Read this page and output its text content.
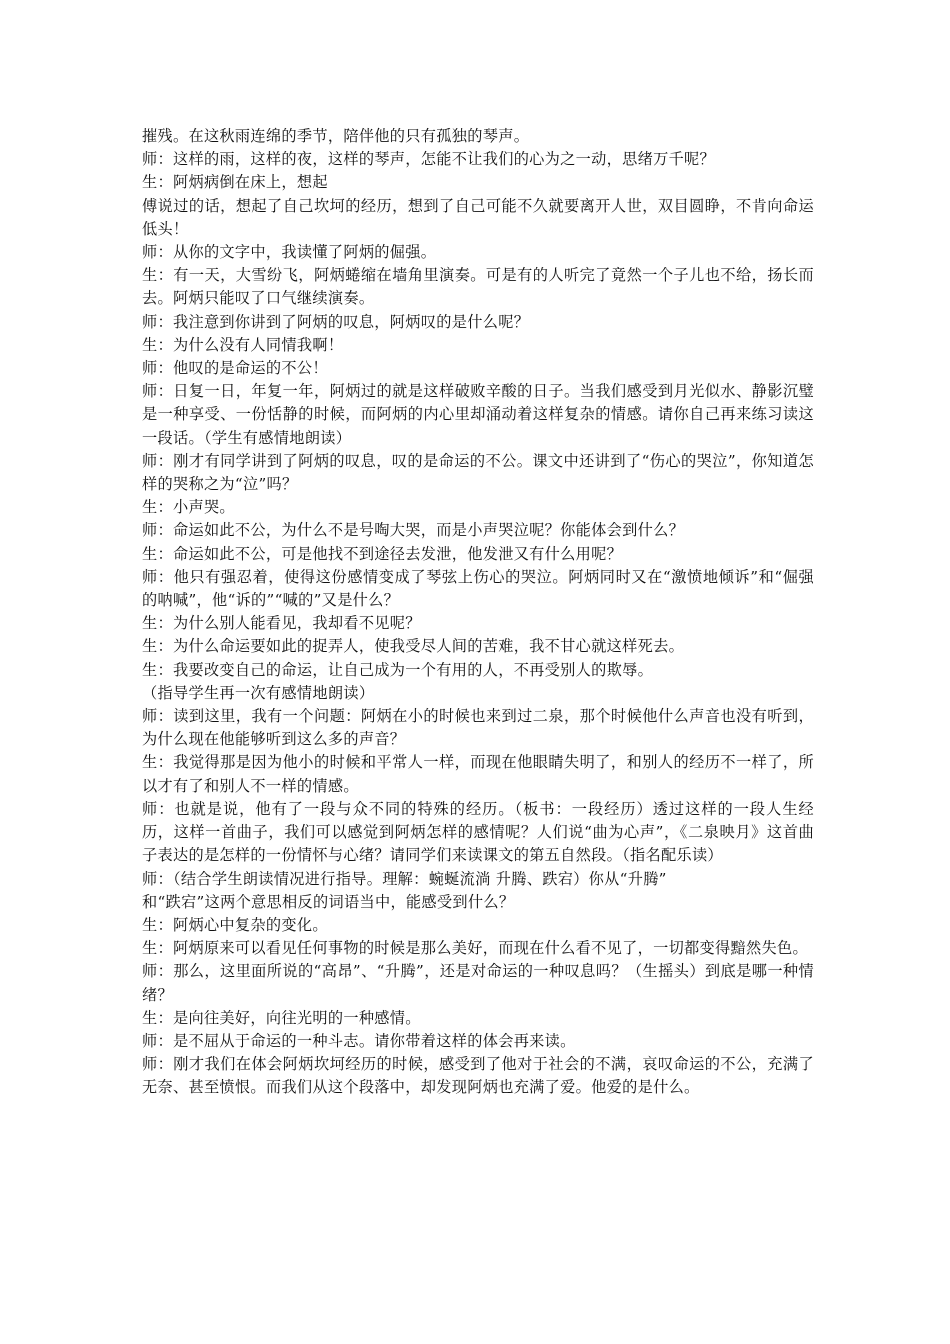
摧残。在这秋雨连绵的季节，陪伴他的只有孤独的琴声。

师：这样的雨，这样的夜，这样的琴声，怎能不让我们的心为之一动，思绪万千呢？

生：阿炳病倒在床上，想起

傅说过的话，想起了自己坎坷的经历，想到了自己可能不久就要离开人世，双目圆睁，不肯向命运低头！

师：从你的文字中，我读懂了阿炳的倔强。

生：有一天，大雪纷飞，阿炳蜷缩在墙角里演奏。可是有的人听完了竟然一个子儿也不给，扬长而去。阿炳只能叹了口气继续演奏。

师：我注意到你讲到了阿炳的叹息，阿炳叹的是什么呢？

生：为什么没有人同情我啊！

师：他叹的是命运的不公！

师：日复一日，年复一年，阿炳过的就是这样破败辛酸的日子。当我们感受到月光似水、静影沉璧是一种享受、一份恬静的时候，而阿炳的内心里却涌动着这样复杂的情感。请你自己再来练习读这一段话。（学生有感情地朗读）

师：刚才有同学讲到了阿炳的叹息，叹的是命运的不公。课文中还讲到了“伤心的哭泣”，你知道怎样的哭称之为“泣”吗？

生：小声哭。

师：命运如此不公，为什么不是号啕大哭，而是小声哭泣呢？你能体会到什么？

生：命运如此不公，可是他找不到途径去发泄，他发泄又有什么用呢？

师：他只有强忍着，使得这份感情变成了琴弦上伤心的哭泣。阿炳同时又在“激愤地倾诉”和“倔强的呐喊”，他“诉的”“喊的”又是什么？

生：为什么别人能看见，我却看不见呢？

生：为什么命运要如此的捉弄人，使我受尽人间的苦难，我不甘心就这样死去。

生：我要改变自己的命运，让自己成为一个有用的人，不再受别人的欺辱。

（指导学生再一次有感情地朗读）

师：读到这里，我有一个问题：阿炳在小的时候也来到过二泉，那个时候他什么声音也没有听到，为什么现在他能够听到这么多的声音？

生：我觉得那是因为他小的时候和平常人一样，而现在他眼睛失明了，和别人的经历不一样了，所以才有了和别人不一样的情感。

师：也就是说，他有了一段与众不同的特殊的经历。（板书：一段经历）透过这样的一段人生经历，这样一首曲子，我们可以感觉到阿炳怎样的感情呢？人们说“曲为心声”，《二泉映月》这首曲子表达的是怎样的一份情怀与心绪？请同学们来读课文的第五自然段。（指名配乐读）

师：（结合学生朗读情况进行指导。理解：蜿蜒流淌 升腾、跌宕）你从“升腾”

和“跌宕”这两个意思相反的词语当中，能感受到什么？

生：阿炳心中复杂的变化。

生：阿炳原来可以看见任何事物的时候是那么美好，而现在什么看不见了，一切都变得黯然失色。

师：那么，这里面所说的“高昂”、“升腾”，还是对命运的一种叹息吗？（生摇头）到底是哪一种情绪？

生：是向往美好，向往光明的一种感情。

师：是不屈从于命运的一种斗志。请你带着这样的体会再来读。

师：刚才我们在体会阿炳坎坷经历的时候，感受到了他对于社会的不满，哀叹命运的不公，充满了无奈、甚至愤恨。而我们从这个段落中，却发现阿炳也充满了爱。他爱的是什么。
